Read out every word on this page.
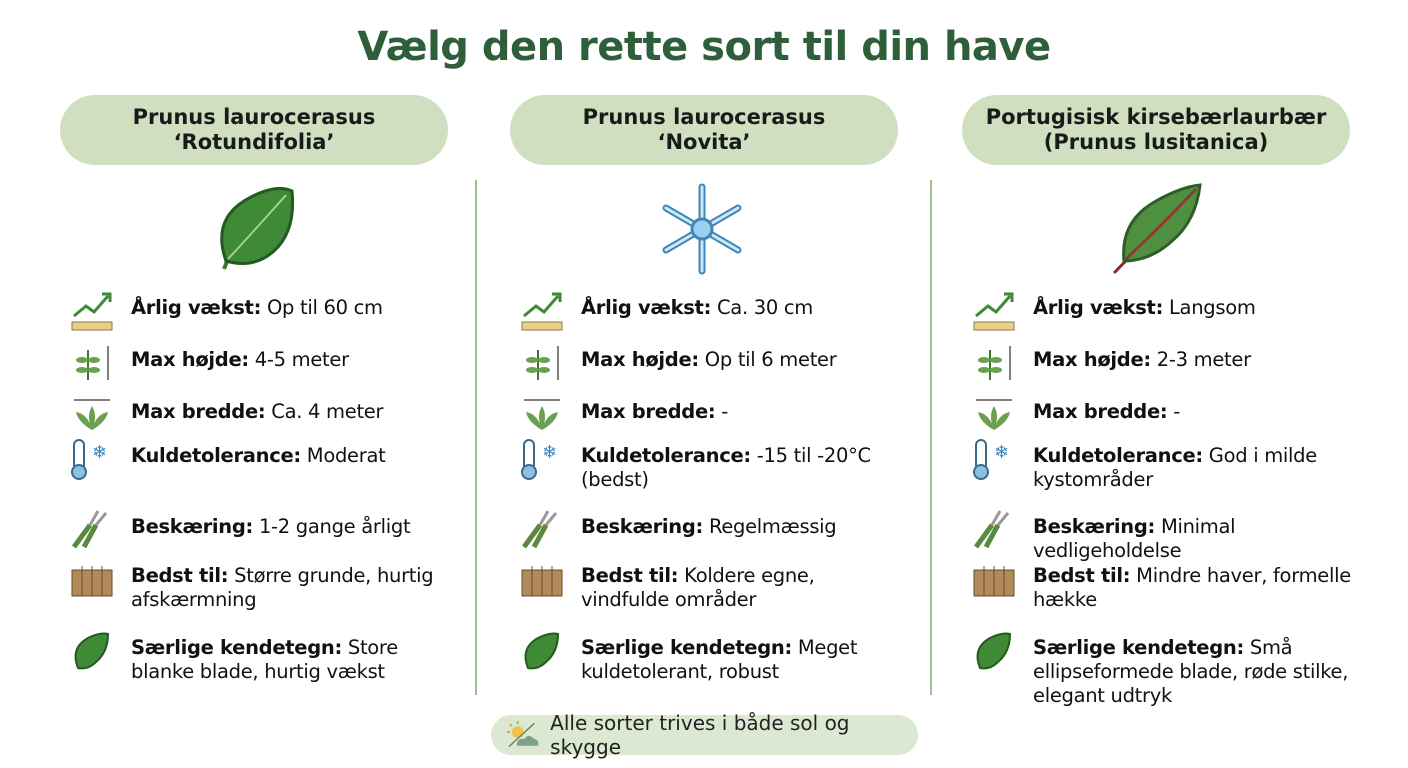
Vælg den rette sort til din have
Prunus laurocerasus
‘Rotundifolia’
Årlig vækst: Op til 60 cm
Max højde: 4-5 meter
Max bredde: Ca. 4 meter
❄ Kuldetolerance: Moderat
Beskæring: 1-2 gange årligt
Bedst til: Større grunde, hurtig afskærmning
Særlige kendetegn: Store blanke blade, hurtig vækst
Prunus laurocerasus
‘Novita’
Årlig vækst: Ca. 30 cm
Max højde: Op til 6 meter
Max bredde: -
❄ Kuldetolerance: -15 til -20°C (bedst)
Beskæring: Regelmæssig
Bedst til: Koldere egne, vindfulde områder
Særlige kendetegn: Meget kuldetolerant, robust
Portugisisk kirsebærlaurbær
(Prunus lusitanica)
Årlig vækst: Langsom
Max højde: 2-3 meter
Max bredde: -
❄ Kuldetolerance: God i milde kystområder
Beskæring: Minimal vedligeholdelse
Bedst til: Mindre haver, formelle hække
Særlige kendetegn: Små ellipseformede blade, røde stilke, elegant udtryk
Alle sorter trives i både sol og skygge
